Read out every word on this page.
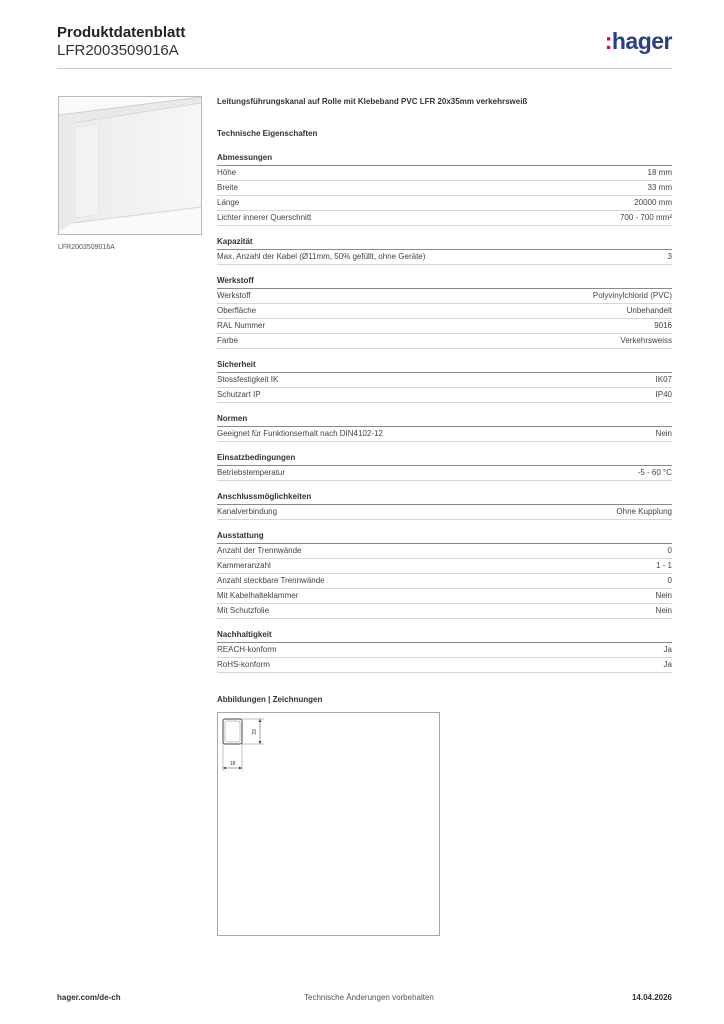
Produktdatenblatt
LFR2003509016A	:hager
LFR2003509016A
Leitungsführungskanal auf Rolle mit Klebeband PVC LFR 20x35mm verkehrsweiß
Technische Eigenschaften
Abmessungen
Höhe	18 mm
Breite	33 mm
Länge	20000 mm
Lichter innerer Querschnitt	700 - 700 mm²
Kapazität
Max. Anzahl der Kabel (Ø11mm, 50% gefüllt, ohne Geräte)	3
Werkstoff
Werkstoff	Polyvinylchlorid (PVC)
Oberfläche	Unbehandelt
RAL Nummer	9016
Farbe	Verkehrsweiss
Sicherheit
Stossfestigkeit IK	IK07
Schutzart IP	IP40
Normen
Geeignet für Funktionserhalt nach DIN4102-12	Nein
Einsatzbedingungen
Betriebstemperatur	-5 - 60 °C
Anschlussmöglichkeiten
Kanalverbindung	Ohne Kupplung
Ausstattung
Anzahl der Trennwände	0
Kammeranzahl	1 - 1
Anzahl steckbare Trennwände	0
Mit Kabelhalteklammer	Nein
Mit Schutzfolie	Nein
Nachhaltigkeit
REACH-konform	Ja
RoHS-konform	Ja
Abbildungen | Zeichnungen
33
18
hager.com/de-ch	Technische Änderungen vorbehalten	14.04.2026
